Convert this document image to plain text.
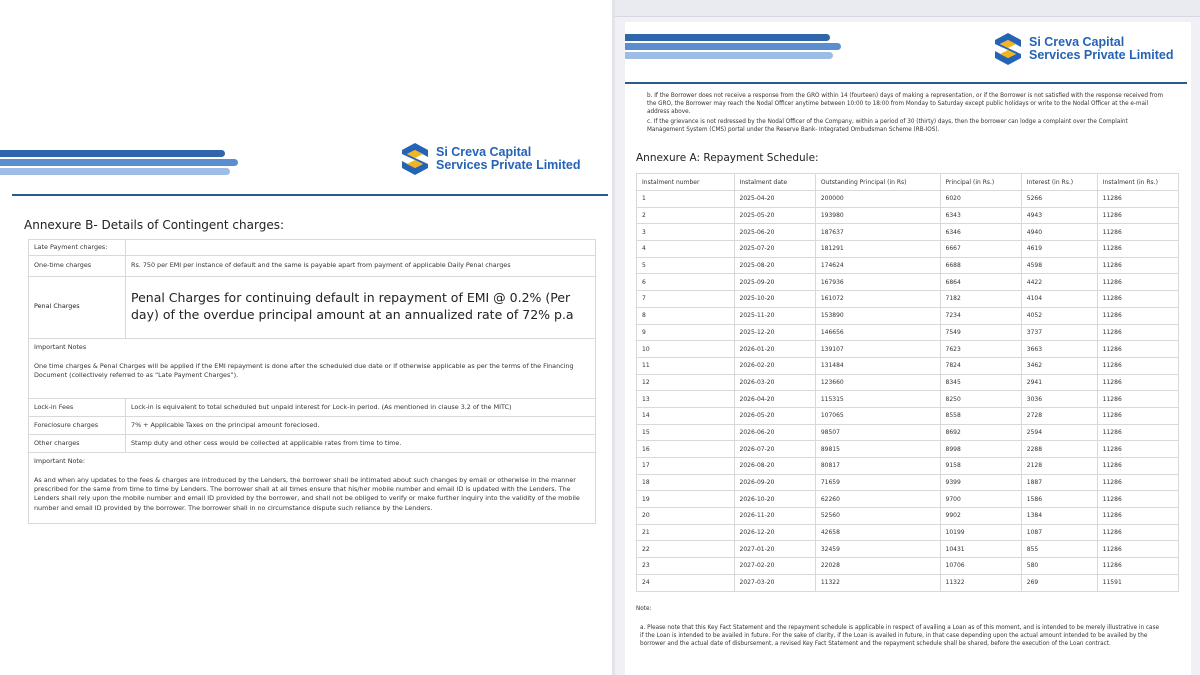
Si Creva Capital
Services Private Limited
Annexure B- Details of Contingent charges:
Late Payment charges:	
One-time charges	Rs. 750 per EMI per instance of default and the same is payable apart from payment of applicable Daily Penal charges
Penal Charges	Penal Charges for continuing default in repayment of EMI @ 0.2% (Per day) of the overdue principal amount at an annualized rate of 72% p.a

Important Notes
One time charges & Penal Charges will be applied if the EMI repayment is done after the scheduled due date or if otherwise applicable as per the terms of the Financing Document (collectively referred to as “Late Payment Charges”).	

Lock-in Fees	Lock-in is equivalent to total scheduled but unpaid interest for Lock-in period. (As mentioned in clause 3.2 of the MITC)
Foreclosure charges	7% + Applicable Taxes on the principal amount foreclosed.
Other charges	Stamp duty and other cess would be collected at applicable rates from time to time.

Important Note:
As and when any updates to the fees & charges are introduced by the Lenders, the borrower shall be intimated about such changes by email or otherwise in the manner prescribed for the same from time to time by Lenders. The borrower shall at all times ensure that his/her mobile number and email ID is updated with the Lenders. The Lenders shall rely upon the mobile number and email ID provided by the borrower, and shall not be obliged to verify or make further inquiry into the validity of the mobile number and email ID provided by the borrower. The borrower shall in no circumstance dispute such reliance by the Lenders.	
Si Creva Capital
Services Private Limited
b. If the Borrower does not receive a response from the GRO within 14 (fourteen) days of making a representation, or if the Borrower is not satisfied with the response received from the GRO, the Borrower may reach the Nodal Officer anytime between 10:00 to 18:00 from Monday to Saturday except public holidays or write to the Nodal Officer at the e-mail address above.
c. If the grievance is not redressed by the Nodal Officer of the Company, within a period of 30 (thirty) days, then the borrower can lodge a complaint over the Complaint Management System (CMS) portal under the Reserve Bank- Integrated Ombudsman Scheme (RB-IOS).
Annexure A: Repayment Schedule:
Instalment number	Instalment date	Outstanding Principal (in Rs)	Principal (in Rs.)	Interest (in Rs.)	Instalment (in Rs.)
1	2025-04-20	200000	6020	5266	11286
2	2025-05-20	193980	6343	4943	11286
3	2025-06-20	187637	6346	4940	11286
4	2025-07-20	181291	6667	4619	11286
5	2025-08-20	174624	6688	4598	11286
6	2025-09-20	167936	6864	4422	11286
7	2025-10-20	161072	7182	4104	11286
8	2025-11-20	153890	7234	4052	11286
9	2025-12-20	146656	7549	3737	11286
10	2026-01-20	139107	7623	3663	11286
11	2026-02-20	131484	7824	3462	11286
12	2026-03-20	123660	8345	2941	11286
13	2026-04-20	115315	8250	3036	11286
14	2026-05-20	107065	8558	2728	11286
15	2026-06-20	98507	8692	2594	11286
16	2026-07-20	89815	8998	2288	11286
17	2026-08-20	80817	9158	2128	11286
18	2026-09-20	71659	9399	1887	11286
19	2026-10-20	62260	9700	1586	11286
20	2026-11-20	52560	9902	1384	11286
21	2026-12-20	42658	10199	1087	11286
22	2027-01-20	32459	10431	855	11286
23	2027-02-20	22028	10706	580	11286
24	2027-03-20	11322	11322	269	11591
Note:
a. Please note that this Key Fact Statement and the repayment schedule is applicable in respect of availing a Loan as of this moment, and is intended to be merely illustrative in case if the Loan is intended to be availed in future. For the sake of clarity, if the Loan is availed in future, in that case depending upon the actual amount intended to be availed by the borrower and the actual date of disbursement, a revised Key Fact Statement and the repayment schedule shall be shared, before the execution of the Loan contract.
